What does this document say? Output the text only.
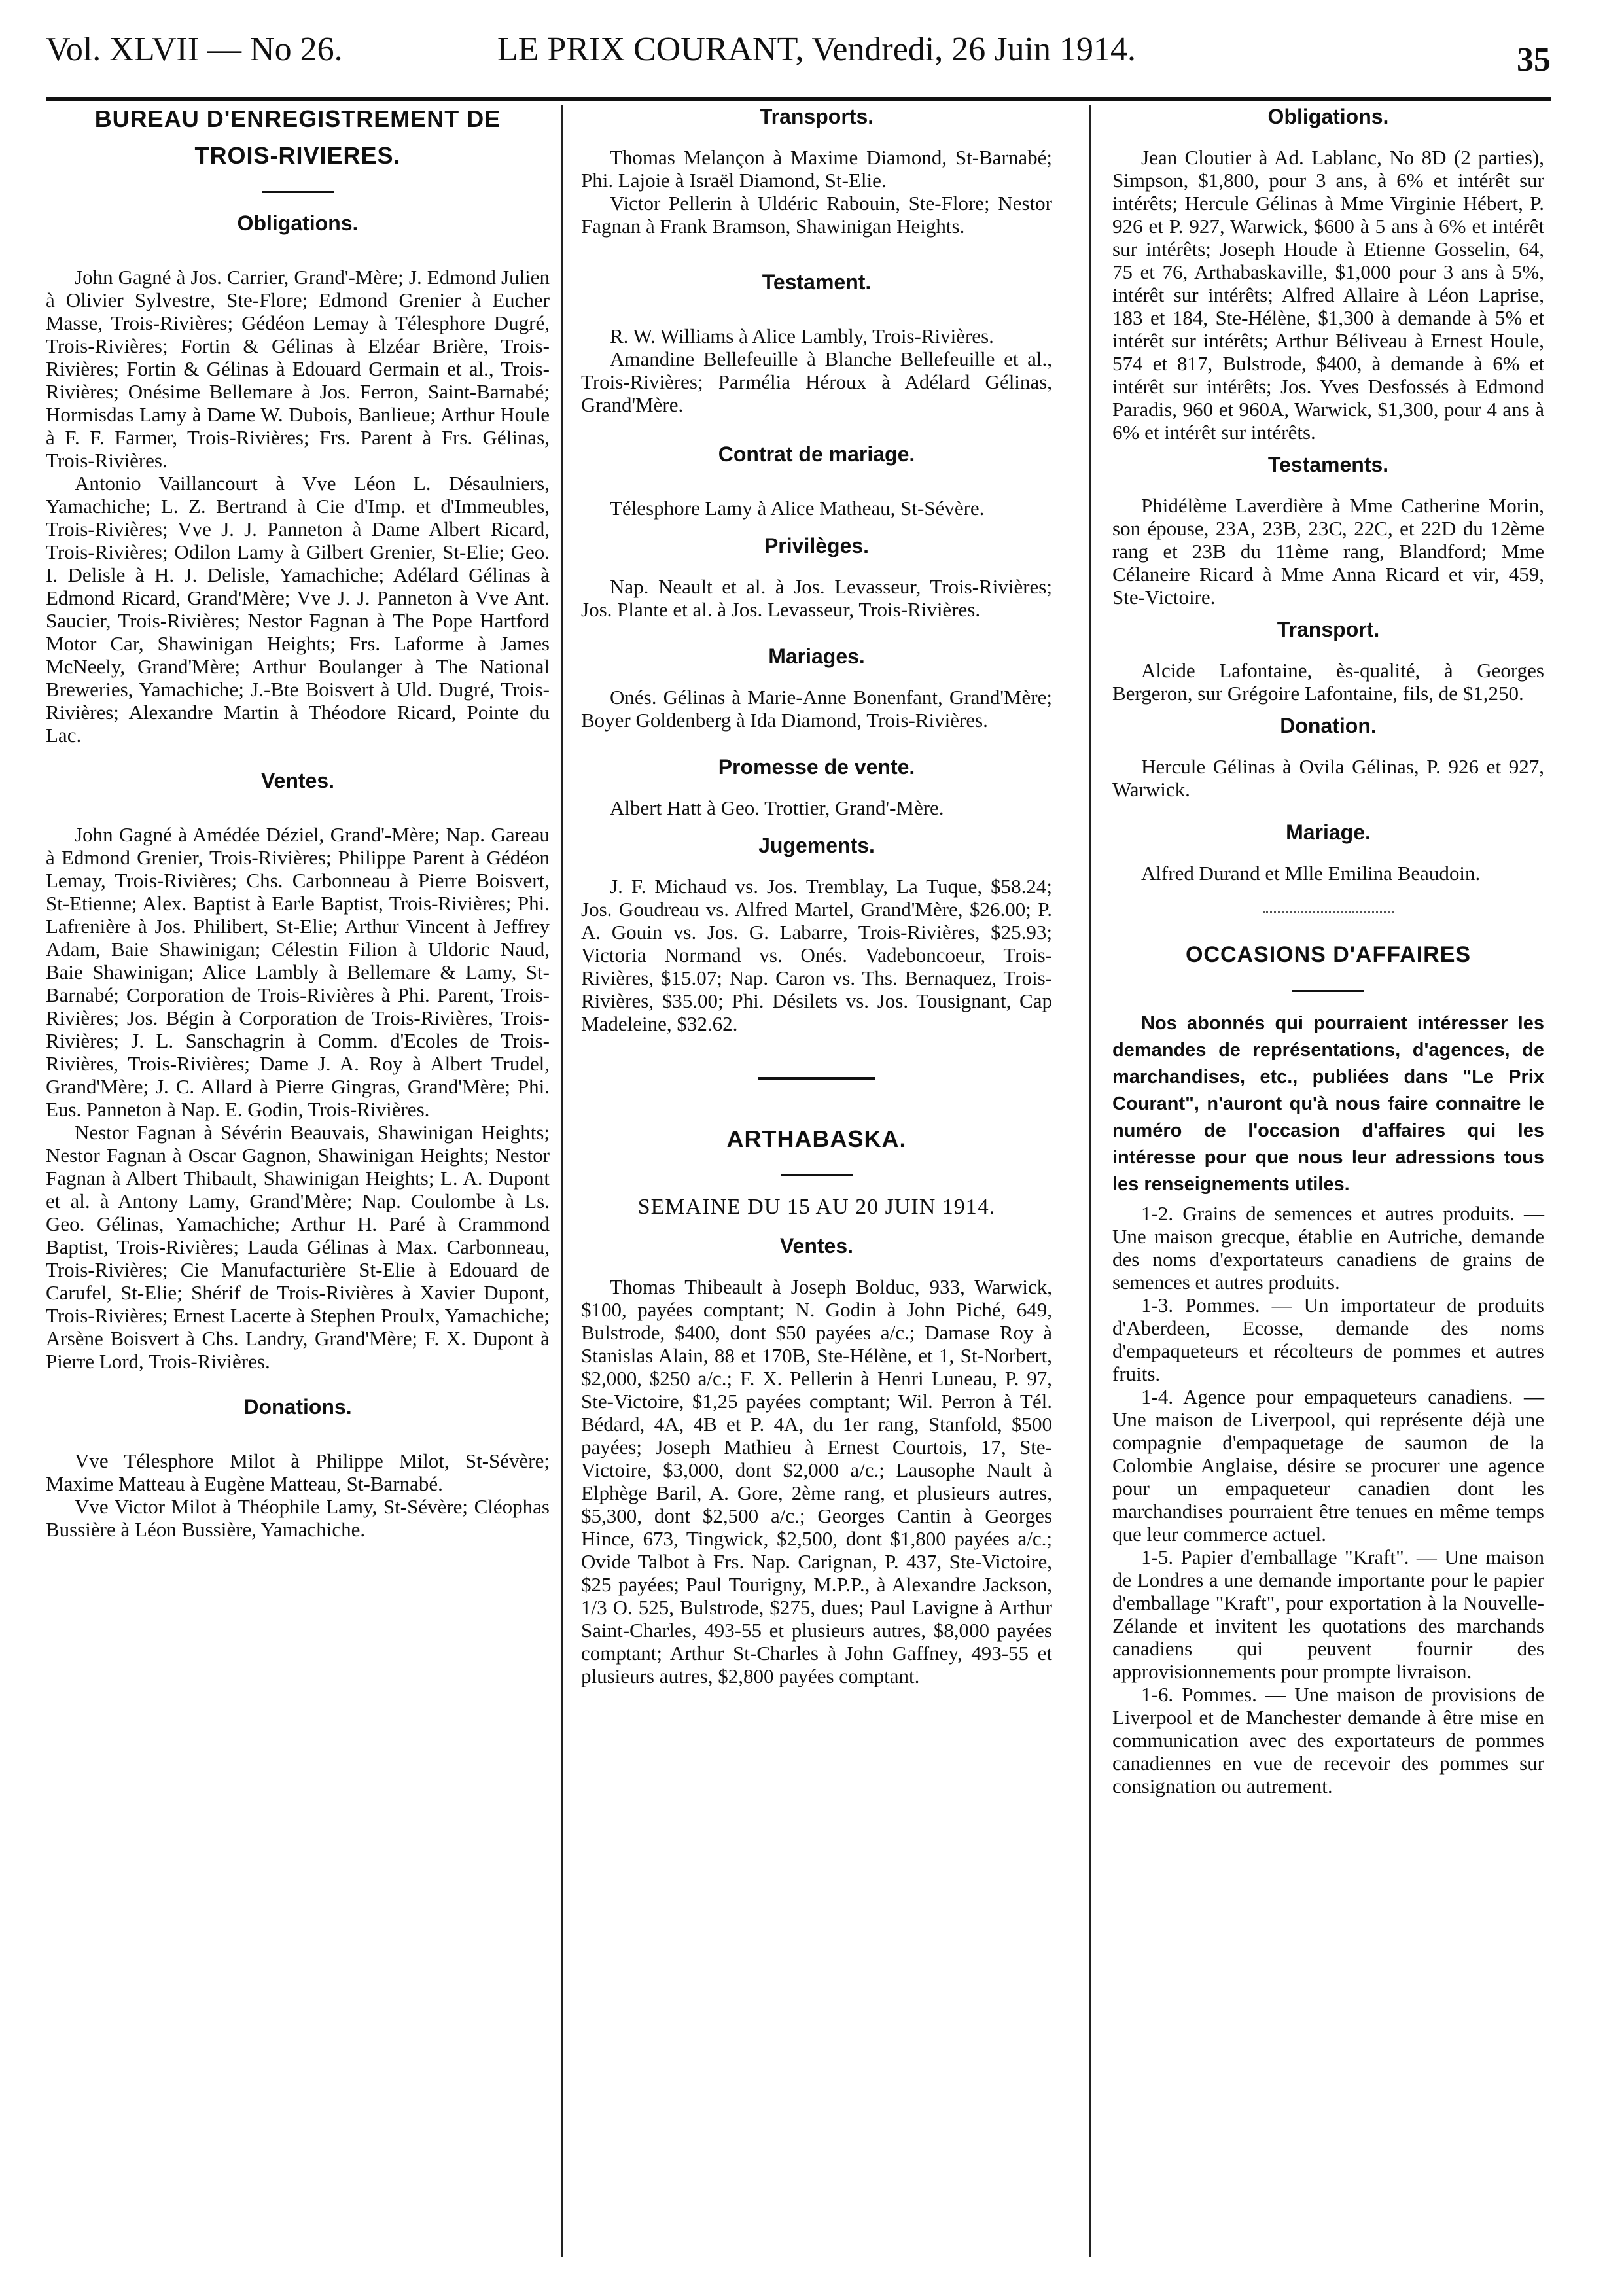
Vol. XLVII — No 26.	LE PRIX COURANT, Vendredi, 26 Juin 1914.	35
BUREAU D'ENREGISTREMENT DE
TROIS-RIVIERES.
Obligations.

John Gagné à Jos. Carrier, Grand'-Mère; J. Edmond Julien à Olivier Sylvestre, Ste-Flore; Edmond Grenier à Eucher Masse, Trois-Rivières; Gédéon Lemay à Télesphore Dugré, Trois-Rivières; Fortin & Gélinas à Elzéar Brière, Trois-Rivières; Fortin & Gélinas à Edouard Germain et al., Trois-Rivières; Onésime Bellemare à Jos. Ferron, Saint-Barnabé; Hormisdas Lamy à Dame W. Dubois, Banlieue; Arthur Houle à F. F. Farmer, Trois-Rivières; Frs. Parent à Frs. Gélinas, Trois-Rivières.

Antonio Vaillancourt à Vve Léon L. Désaulniers, Yamachiche; L. Z. Bertrand à Cie d'Imp. et d'Immeubles, Trois-Rivières; Vve J. J. Panneton à Dame Albert Ricard, Trois-Rivières; Odilon Lamy à Gilbert Grenier, St-Elie; Geo. I. Delisle à H. J. Delisle, Yamachiche; Adélard Gélinas à Edmond Ricard, Grand'Mère; Vve J. J. Panneton à Vve Ant. Saucier, Trois-Rivières; Nestor Fagnan à The Pope Hartford Motor Car, Shawinigan Heights; Frs. Laforme à James McNeely, Grand'Mère; Arthur Boulanger à The National Breweries, Yamachiche; J.-Bte Boisvert à Uld. Dugré, Trois-Rivières; Alexandre Martin à Théodore Ricard, Pointe du Lac.

Ventes.

John Gagné à Amédée Déziel, Grand'-Mère; Nap. Gareau à Edmond Grenier, Trois-Rivières; Philippe Parent à Gédéon Lemay, Trois-Rivières; Chs. Carbonneau à Pierre Boisvert, St-Etienne; Alex. Baptist à Earle Baptist, Trois-Rivières; Phi. Lafrenière à Jos. Philibert, St-Elie; Arthur Vincent à Jeffrey Adam, Baie Shawinigan; Célestin Filion à Uldoric Naud, Baie Shawinigan; Alice Lambly à Bellemare & Lamy, St-Barnabé; Corporation de Trois-Rivières à Phi. Parent, Trois-Rivières; Jos. Bégin à Corporation de Trois-Rivières, Trois-Rivières; J. L. Sanschagrin à Comm. d'Ecoles de Trois-Rivières, Trois-Rivières; Dame J. A. Roy à Albert Trudel, Grand'Mère; J. C. Allard à Pierre Gingras, Grand'Mère; Phi. Eus. Panneton à Nap. E. Godin, Trois-Rivières.

Nestor Fagnan à Sévérin Beauvais, Shawinigan Heights; Nestor Fagnan à Oscar Gagnon, Shawinigan Heights; Nestor Fagnan à Albert Thibault, Shawinigan Heights; L. A. Dupont et al. à Antony Lamy, Grand'Mère; Nap. Coulombe à Ls. Geo. Gélinas, Yamachiche; Arthur H. Paré à Crammond Baptist, Trois-Rivières; Lauda Gélinas à Max. Carbonneau, Trois-Rivières; Cie Manufacturière St-Elie à Edouard de Carufel, St-Elie; Shérif de Trois-Rivières à Xavier Dupont, Trois-Rivières; Ernest Lacerte à Stephen Proulx, Yamachiche; Arsène Boisvert à Chs. Landry, Grand'Mère; F. X. Dupont à Pierre Lord, Trois-Rivières.

Donations.

Vve Télesphore Milot à Philippe Milot, St-Sévère; Maxime Matteau à Eugène Matteau, St-Barnabé.

Vve Victor Milot à Théophile Lamy, St-Sévère; Cléophas Bussière à Léon Bussière, Yamachiche.

Transports.

Thomas Melançon à Maxime Diamond, St-Barnabé; Phi. Lajoie à Israël Diamond, St-Elie.

Victor Pellerin à Uldéric Rabouin, Ste-Flore; Nestor Fagnan à Frank Bramson, Shawinigan Heights.

Testament.

R. W. Williams à Alice Lambly, Trois-Rivières.

Amandine Bellefeuille à Blanche Bellefeuille et al., Trois-Rivières; Parmélia Héroux à Adélard Gélinas, Grand'Mère.

Contrat de mariage.

Télesphore Lamy à Alice Matheau, St-Sévère.

Privilèges.

Nap. Neault et al. à Jos. Levasseur, Trois-Rivières; Jos. Plante et al. à Jos. Levasseur, Trois-Rivières.

Mariages.

Onés. Gélinas à Marie-Anne Bonenfant, Grand'Mère; Boyer Goldenberg à Ida Diamond, Trois-Rivières.

Promesse de vente.

Albert Hatt à Geo. Trottier, Grand'-Mère.

Jugements.

J. F. Michaud vs. Jos. Tremblay, La Tuque, $58.24; Jos. Goudreau vs. Alfred Martel, Grand'Mère, $26.00; P. A. Gouin vs. Jos. G. Labarre, Trois-Rivières, $25.93; Victoria Normand vs. Onés. Vadeboncoeur, Trois-Rivières, $15.07; Nap. Caron vs. Ths. Bernaquez, Trois-Rivières, $35.00; Phi. Désilets vs. Jos. Tousignant, Cap Madeleine, $32.62.

ARTHABASKA.
SEMAINE DU 15 AU 20 JUIN 1914.
Ventes.

Thomas Thibeault à Joseph Bolduc, 933, Warwick, $100, payées comptant; N. Godin à John Piché, 649, Bulstrode, $400, dont $50 payées a/c.; Damase Roy à Stanislas Alain, 88 et 170B, Ste-Hélène, et 1, St-Norbert, $2,000, $250 a/c.; F. X. Pellerin à Henri Luneau, P. 97, Ste-Victoire, $1,25 payées comptant; Wil. Perron à Tél. Bédard, 4A, 4B et P. 4A, du 1er rang, Stanfold, $500 payées; Joseph Mathieu à Ernest Courtois, 17, Ste-Victoire, $3,000, dont $2,000 a/c.; Lausophe Nault à Elphège Baril, A. Gore, 2ème rang, et plusieurs autres, $5,300, dont $2,500 a/c.; Georges Cantin à Georges Hince, 673, Tingwick, $2,500, dont $1,800 payées a/c.; Ovide Talbot à Frs. Nap. Carignan, P. 437, Ste-Victoire, $25 payées; Paul Tourigny, M.P.P., à Alexandre Jackson, 1/3 O. 525, Bulstrode, $275, dues; Paul Lavigne à Arthur Saint-Charles, 493-55 et plusieurs autres, $8,000 payées comptant; Arthur St-Charles à John Gaffney, 493-55 et plusieurs autres, $2,800 payées comptant.

Obligations.

Jean Cloutier à Ad. Lablanc, No 8D (2 parties), Simpson, $1,800, pour 3 ans, à 6% et intérêt sur intérêts; Hercule Gélinas à Mme Virginie Hébert, P. 926 et P. 927, Warwick, $600 à 5 ans à 6% et intérêt sur intérêts; Joseph Houde à Etienne Gosselin, 64, 75 et 76, Arthabaskaville, $1,000 pour 3 ans à 5%, intérêt sur intérêts; Alfred Allaire à Léon Laprise, 183 et 184, Ste-Hélène, $1,300 à demande à 5% et intérêt sur intérêts; Arthur Béliveau à Ernest Houle, 574 et 817, Bulstrode, $400, à demande à 6% et intérêt sur intérêts; Jos. Yves Desfossés à Edmond Paradis, 960 et 960A, Warwick, $1,300, pour 4 ans à 6% et intérêt sur intérêts.

Testaments.

Phidélème Laverdière à Mme Catherine Morin, son épouse, 23A, 23B, 23C, 22C, et 22D du 12ème rang et 23B du 11ème rang, Blandford; Mme Célaneire Ricard à Mme Anna Ricard et vir, 459, Ste-Victoire.

Transport.

Alcide Lafontaine, ès-qualité, à Georges Bergeron, sur Grégoire Lafontaine, fils, de $1,250.

Donation.

Hercule Gélinas à Ovila Gélinas, P. 926 et 927, Warwick.

Mariage.

Alfred Durand et Mlle Emilina Beaudoin.

OCCASIONS D'AFFAIRES

Nos abonnés qui pourraient intéresser les demandes de représentations, d'agences, de marchandises, etc., publiées dans "Le Prix Courant", n'auront qu'à nous faire connaitre le numéro de l'occasion d'affaires qui les intéresse pour que nous leur adressions tous les renseignements utiles.

1-2. Grains de semences et autres produits. — Une maison grecque, établie en Autriche, demande des noms d'exportateurs canadiens de grains de semences et autres produits.

1-3. Pommes. — Un importateur de produits d'Aberdeen, Ecosse, demande des noms d'empaqueteurs et récolteurs de pommes et autres fruits.

1-4. Agence pour empaqueteurs canadiens. — Une maison de Liverpool, qui représente déjà une compagnie d'empaquetage de saumon de la Colombie Anglaise, désire se procurer une agence pour un empaqueteur canadien dont les marchandises pourraient être tenues en même temps que leur commerce actuel.

1-5. Papier d'emballage "Kraft". — Une maison de Londres a une demande importante pour le papier d'emballage "Kraft", pour exportation à la Nouvelle-Zélande et invitent les quotations des marchands canadiens qui peuvent fournir des approvisionnements pour prompte livraison.

1-6. Pommes. — Une maison de provisions de Liverpool et de Manchester demande à être mise en communication avec des exportateurs de pommes canadiennes en vue de recevoir des pommes sur consignation ou autrement.
